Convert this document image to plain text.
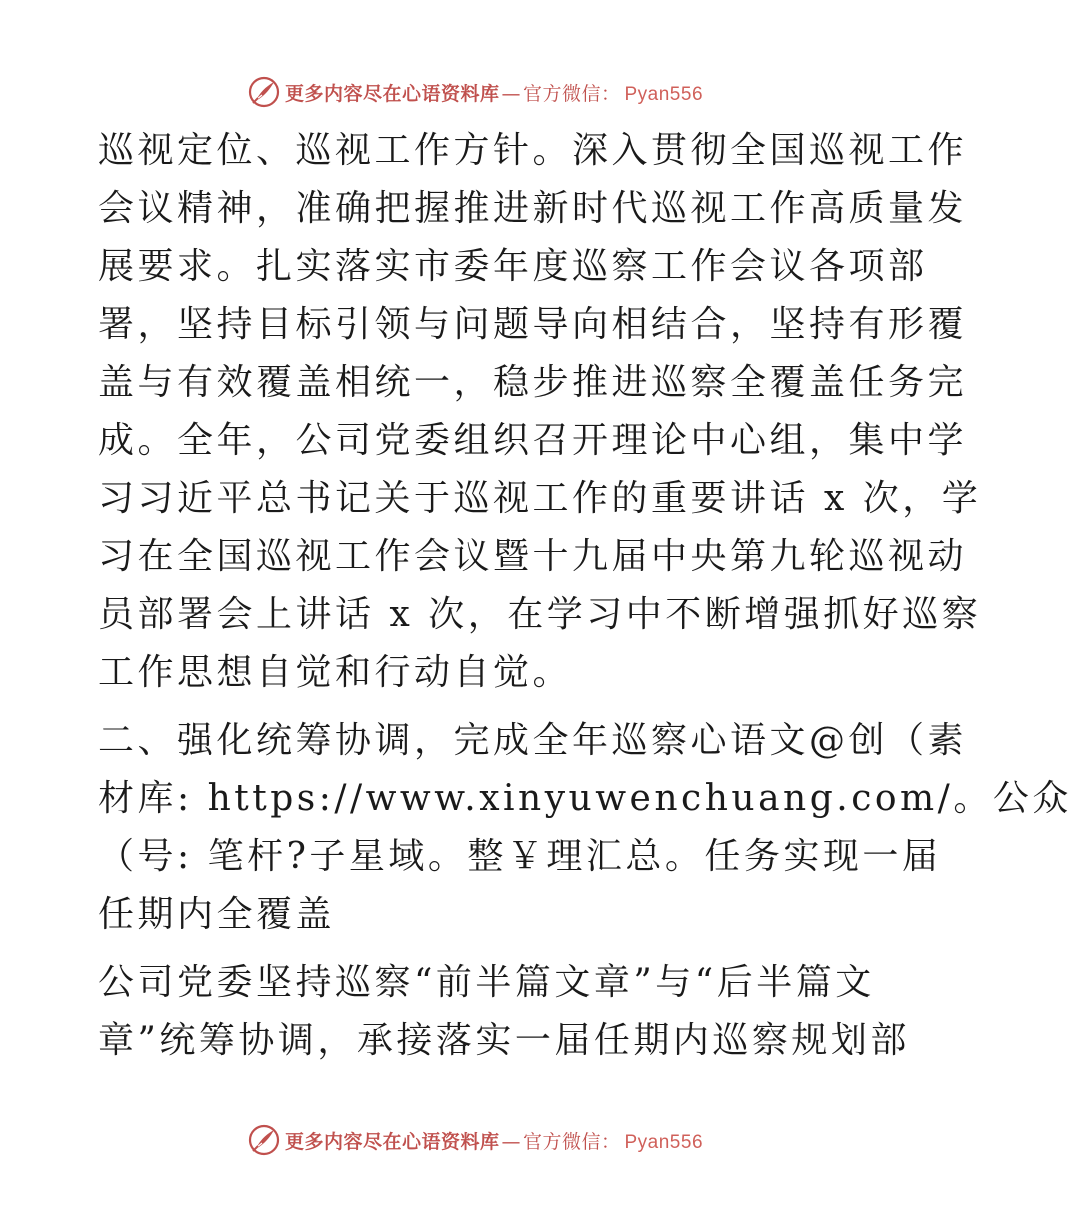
更多内容尽在心语资料库 — 官方微信： Pyan556
巡视定位、巡视工作方针。深入贯彻全国巡视工作
会议精神，准确把握推进新时代巡视工作高质量发
展要求。扎实落实市委年度巡察工作会议各项部
署，坚持目标引领与问题导向相结合，坚持有形覆
盖与有效覆盖相统一，稳步推进巡察全覆盖任务完
成。全年，公司党委组织召开理论中心组，集中学
习习近平总书记关于巡视工作的重要讲话 x 次，学
习在全国巡视工作会议暨十九届中央第九轮巡视动
员部署会上讲话 x 次，在学习中不断增强抓好巡察
工作思想自觉和行动自觉。
二、强化统筹协调，完成全年巡察心语文@创（素
材库: https://www.xinyuwenchuang.com/。公众
（号: 笔杆?子星域。整￥理汇总。任务实现一届
任期内全覆盖
公司党委坚持巡察“前半篇文章”与“后半篇文
章”统筹协调，承接落实一届任期内巡察规划部
更多内容尽在心语资料库 — 官方微信： Pyan556
